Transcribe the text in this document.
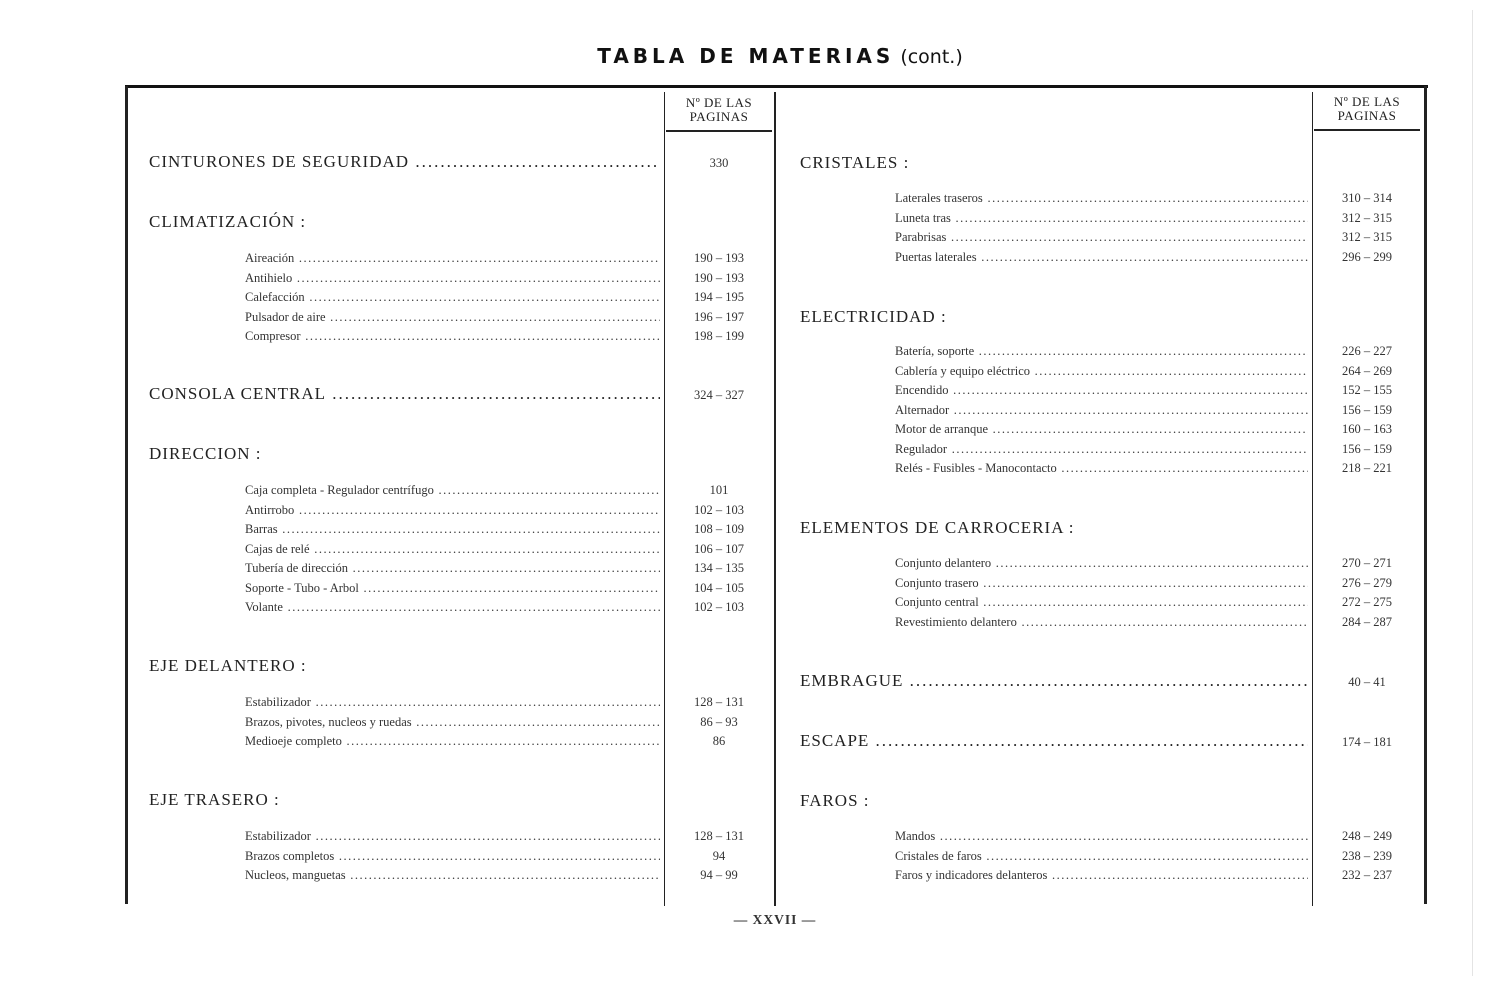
TABLA DE MATERIAS (cont.)
Nº DE LAS
PAGINAS
Nº DE LAS
PAGINAS
CINTURONES DE SEGURIDAD .....	330
CLIMATIZACIÓN :
Aireación .....	190 – 193
Antihielo .....	190 – 193
Calefacción .....	194 – 195
Pulsador de aire .....	196 – 197
Compresor .....	198 – 199
CONSOLA CENTRAL .....	324 – 327
DIRECCION :
Caja completa - Regulador centrífugo .....	101
Antirrobo .....	102 – 103
Barras .....	108 – 109
Cajas de relé .....	106 – 107
Tubería de dirección .....	134 – 135
Soporte - Tubo - Arbol .....	104 – 105
Volante .....	102 – 103
EJE DELANTERO :
Estabilizador .....	128 – 131
Brazos, pivotes, nucleos y ruedas .....	86 – 93
Medioeje completo .....	86
EJE TRASERO :
Estabilizador .....	128 – 131
Brazos completos .....	94
Nucleos, manguetas .....	94 – 99
CRISTALES :
Laterales traseros .....	310 – 314
Luneta tras .....	312 – 315
Parabrisas .....	312 – 315
Puertas laterales .....	296 – 299
ELECTRICIDAD :
Batería, soporte .....	226 – 227
Cablería y equipo eléctrico .....	264 – 269
Encendido .....	152 – 155
Alternador .....	156 – 159
Motor de arranque .....	160 – 163
Regulador .....	156 – 159
Relés - Fusibles - Manocontacto .....	218 – 221
ELEMENTOS DE CARROCERIA :
Conjunto delantero .....	270 – 271
Conjunto trasero .....	276 – 279
Conjunto central .....	272 – 275
Revestimiento delantero .....	284 – 287
EMBRAGUE .....	40 – 41
ESCAPE .....	174 – 181
FAROS :
Mandos .....	248 – 249
Cristales de faros .....	238 – 239
Faros y indicadores delanteros .....	232 – 237
— XXVII —
